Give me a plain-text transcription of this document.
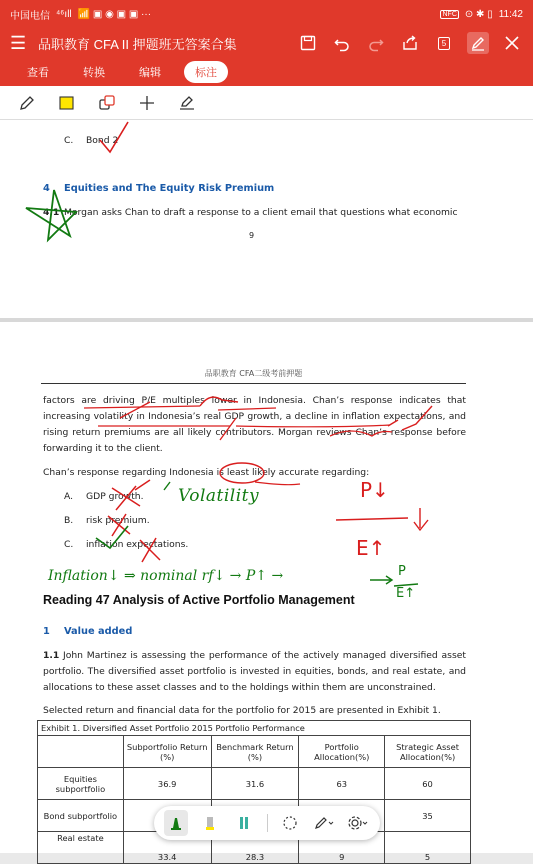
中国电信 ⁴⁶ıll 📶 ▣ ◉ ▣ ▣ ···	NFC ⊙ ✱ ▯ 11:42
☰ 品职教育 CFA II 押题班无答案合集	5
查看	转换	编辑	标注
C. Bond 2
4 Equities and The Equity Risk Premium
4.1 Morgan asks Chan to draft a response to a client email that questions what economic
9
品职教育 CFA二级考前押题
factors are driving P/E multiples lower in Indonesia. Chan’s response indicates that increasing volatility in Indonesia’s real GDP growth, a decline in inflation expectations, and rising return premiums are all likely contributors. Morgan reviews Chan’s response before forwarding it to the client.
Chan’s response regarding Indonesia is least likely accurate regarding:
A. GDP growth.
B. risk premium.
C. inflation expectations.
Reading 47 Analysis of Active Portfolio Management
1 Value added
1.1 John Martinez is assessing the performance of the actively managed diversified asset portfolio. The diversified asset portfolio is invested in equities, bonds, and real estate, and allocations to these asset classes and to the holdings within them are unconstrained.
Selected return and financial data for the portfolio for 2015 are presented in Exhibit 1.
Exhibit 1. Diversified Asset Portfolio 2015 Portfolio Performance				
	Subportfolio Return (%)	Benchmark Return (%)	Portfolio Allocation(%)	Strategic Asset Allocation(%)
Equities subportfolio	36.9	31.6	63	60
Bond subportfolio				35
Real estate	33.4	28.3	9	5
Volatility	P↓
E↑
Inflation↓ ⇒ nominal rf↓ → P↑ →	P
E↑
